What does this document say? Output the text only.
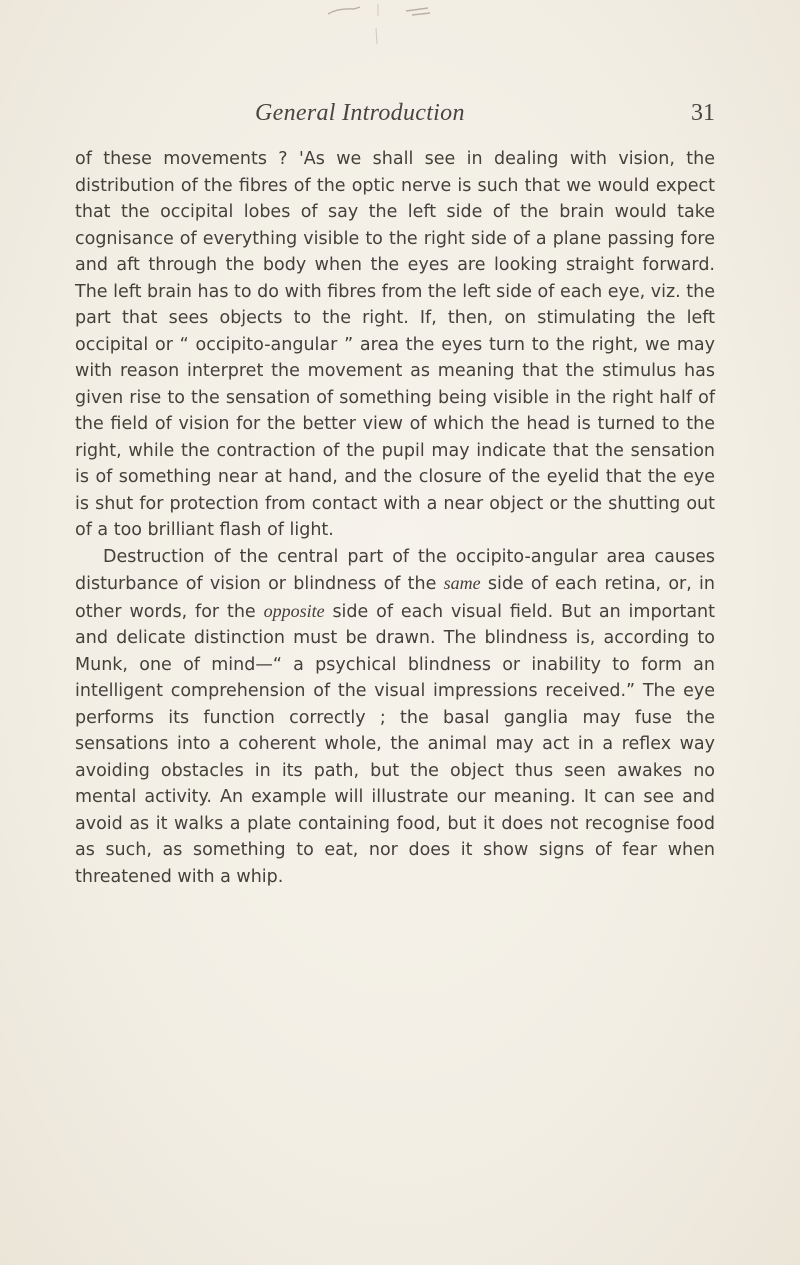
General Introduction	31

of these movements ? 'As we shall see in dealing with vision, the distribution of the fibres of the optic nerve is such that we would expect that the occipital lobes of say the left side of the brain would take cognisance of everything visible to the right side of a plane passing fore and aft through the body when the eyes are looking straight forward. The left brain has to do with fibres from the left side of each eye, viz. the part that sees objects to the right. If, then, on stimulating the left occipital or “ occipito-angular ” area the eyes turn to the right, we may with reason interpret the movement as meaning that the stimulus has given rise to the sensation of something being visible in the right half of the field of vision for the better view of which the head is turned to the right, while the contraction of the pupil may indicate that the sensation is of something near at hand, and the closure of the eyelid that the eye is shut for protection from contact with a near object or the shutting out of a too brilliant flash of light.

Destruction of the central part of the occipito-angular area causes disturbance of vision or blindness of the same side of each retina, or, in other words, for the opposite side of each visual field. But an important and delicate distinction must be drawn. The blindness is, according to Munk, one of mind—“ a psychical blindness or inability to form an intelligent comprehension of the visual impressions received.” The eye performs its function correctly ; the basal ganglia may fuse the sensations into a coherent whole, the animal may act in a reflex way avoiding obstacles in its path, but the object thus seen awakes no mental activity. An example will illustrate our meaning. It can see and avoid as it walks a plate containing food, but it does not recognise food as such, as something to eat, nor does it show signs of fear when threatened with a whip.
